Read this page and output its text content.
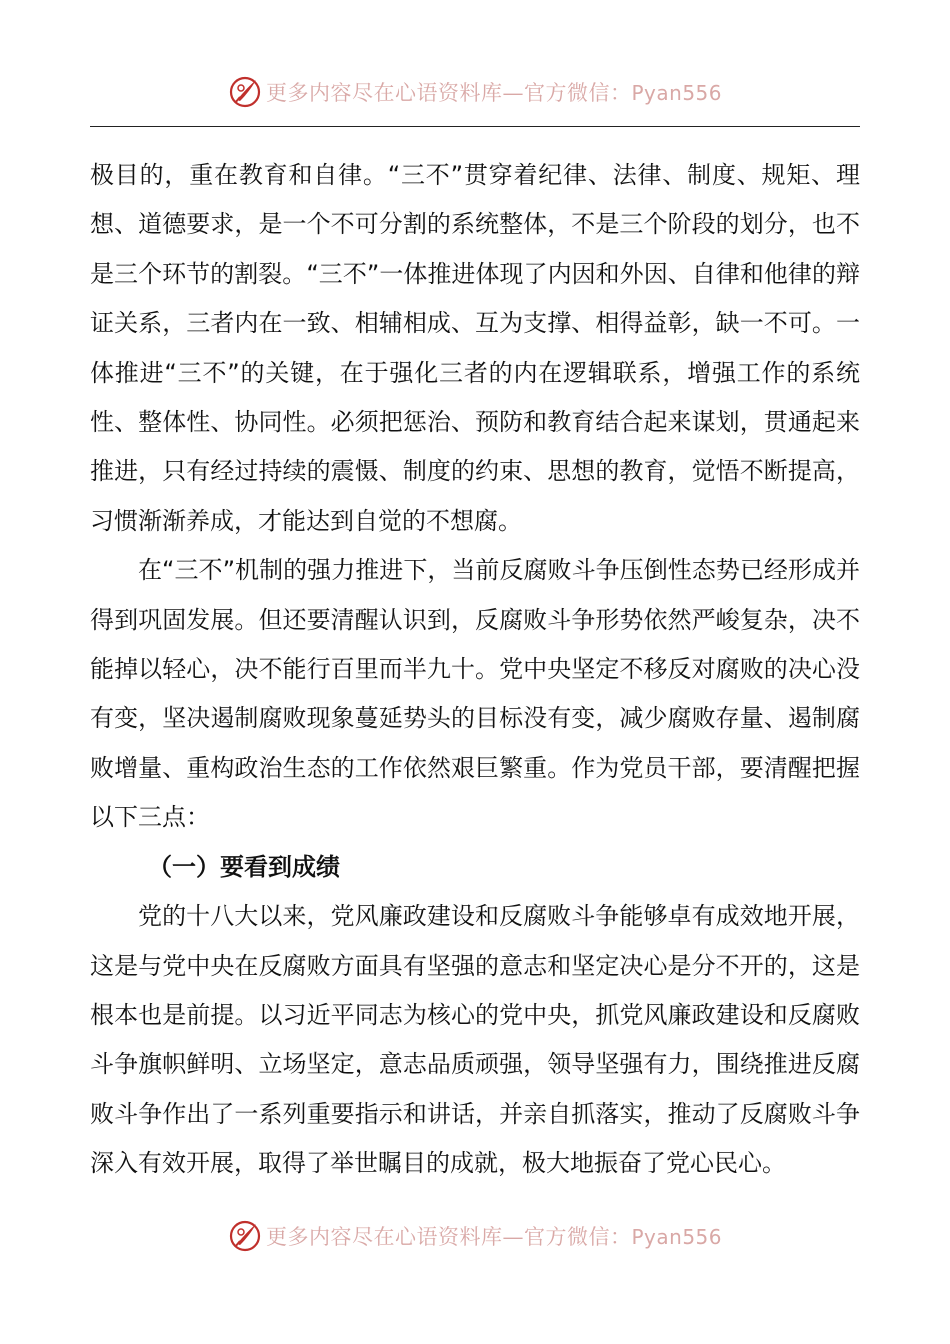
更多内容尽在心语资料库—官方微信：Pyan556

极目的，重在教育和自律。“三不”贯穿着纪律、法律、制度、规矩、理想、道德要求，是一个不可分割的系统整体，不是三个阶段的划分，也不是三个环节的割裂。“三不”一体推进体现了内因和外因、自律和他律的辩证关系，三者内在一致、相辅相成、互为支撑、相得益彰，缺一不可。一体推进“三不”的关键，在于强化三者的内在逻辑联系，增强工作的系统性、整体性、协同性。必须把惩治、预防和教育结合起来谋划，贯通起来推进，只有经过持续的震慑、制度的约束、思想的教育，觉悟不断提高，习惯渐渐养成，才能达到自觉的不想腐。

在“三不”机制的强力推进下，当前反腐败斗争压倒性态势已经形成并得到巩固发展。但还要清醒认识到，反腐败斗争形势依然严峻复杂，决不能掉以轻心，决不能行百里而半九十。党中央坚定不移反对腐败的决心没有变，坚决遏制腐败现象蔓延势头的目标没有变，减少腐败存量、遏制腐败增量、重构政治生态的工作依然艰巨繁重。作为党员干部，要清醒把握以下三点：

（一）要看到成绩

党的十八大以来，党风廉政建设和反腐败斗争能够卓有成效地开展，这是与党中央在反腐败方面具有坚强的意志和坚定决心是分不开的，这是根本也是前提。以习近平同志为核心的党中央，抓党风廉政建设和反腐败斗争旗帜鲜明、立场坚定，意志品质顽强，领导坚强有力，围绕推进反腐败斗争作出了一系列重要指示和讲话，并亲自抓落实，推动了反腐败斗争深入有效开展，取得了举世瞩目的成就，极大地振奋了党心民心。

更多内容尽在心语资料库—官方微信：Pyan556
